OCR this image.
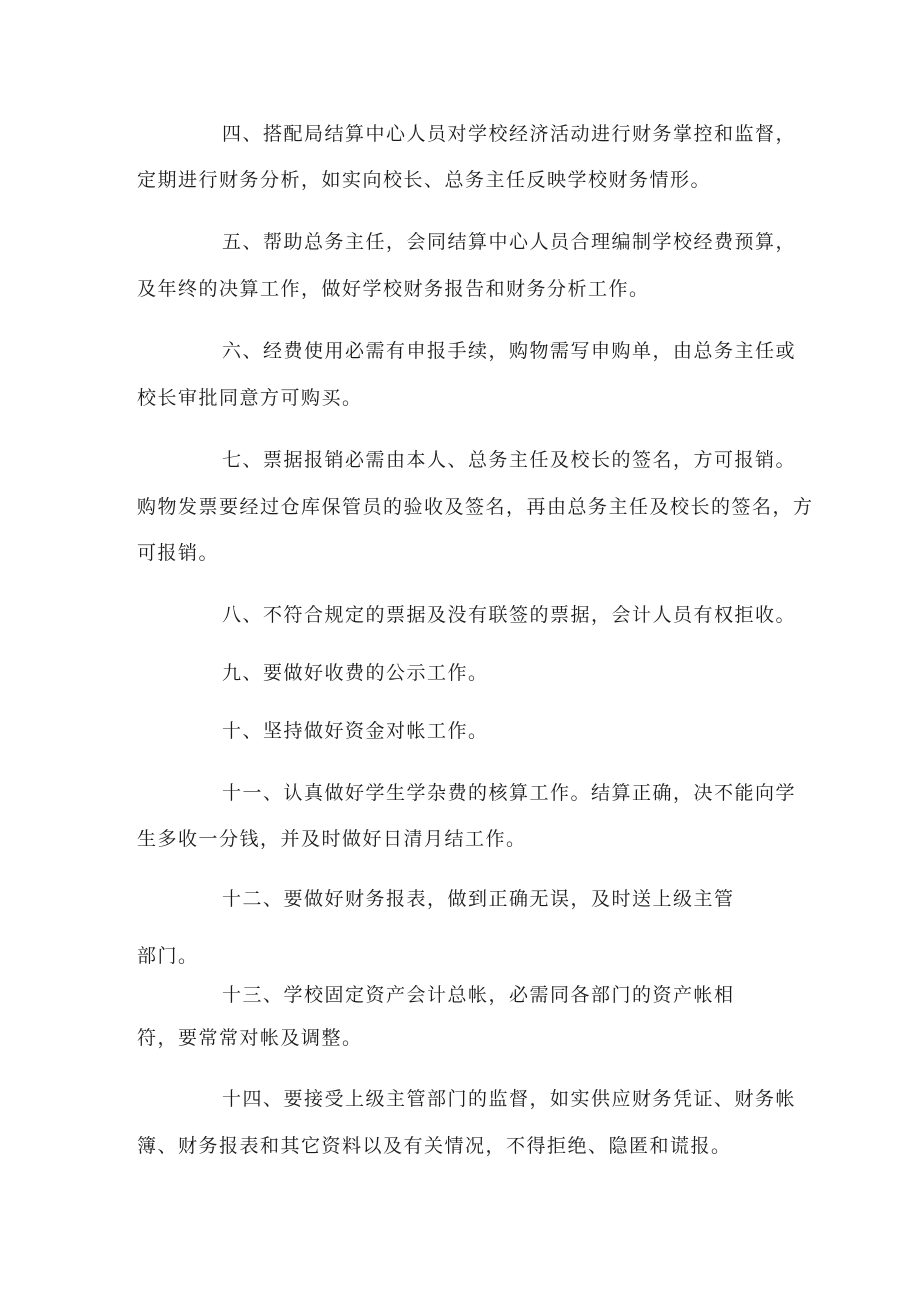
四、搭配局结算中心人员对学校经济活动进行财务掌控和监督，
定期进行财务分析，如实向校长、总务主任反映学校财务情形。
五、帮助总务主任，会同结算中心人员合理编制学校经费预算，
及年终的决算工作，做好学校财务报告和财务分析工作。
六、经费使用必需有申报手续，购物需写申购单，由总务主任或
校长审批同意方可购买。
七、票据报销必需由本人、总务主任及校长的签名，方可报销。
购物发票要经过仓库保管员的验收及签名，再由总务主任及校长的签名，方
可报销。
八、不符合规定的票据及没有联签的票据，会计人员有权拒收。
九、要做好收费的公示工作。
十、坚持做好资金对帐工作。
十一、认真做好学生学杂费的核算工作。结算正确，决不能向学
生多收一分钱，并及时做好日清月结工作。
十二、要做好财务报表，做到正确无误，及时送上级主管
部门。
十三、学校固定资产会计总帐，必需同各部门的资产帐相
符，要常常对帐及调整。
十四、要接受上级主管部门的监督，如实供应财务凭证、财务帐
簿、财务报表和其它资料以及有关情况，不得拒绝、隐匿和谎报。
